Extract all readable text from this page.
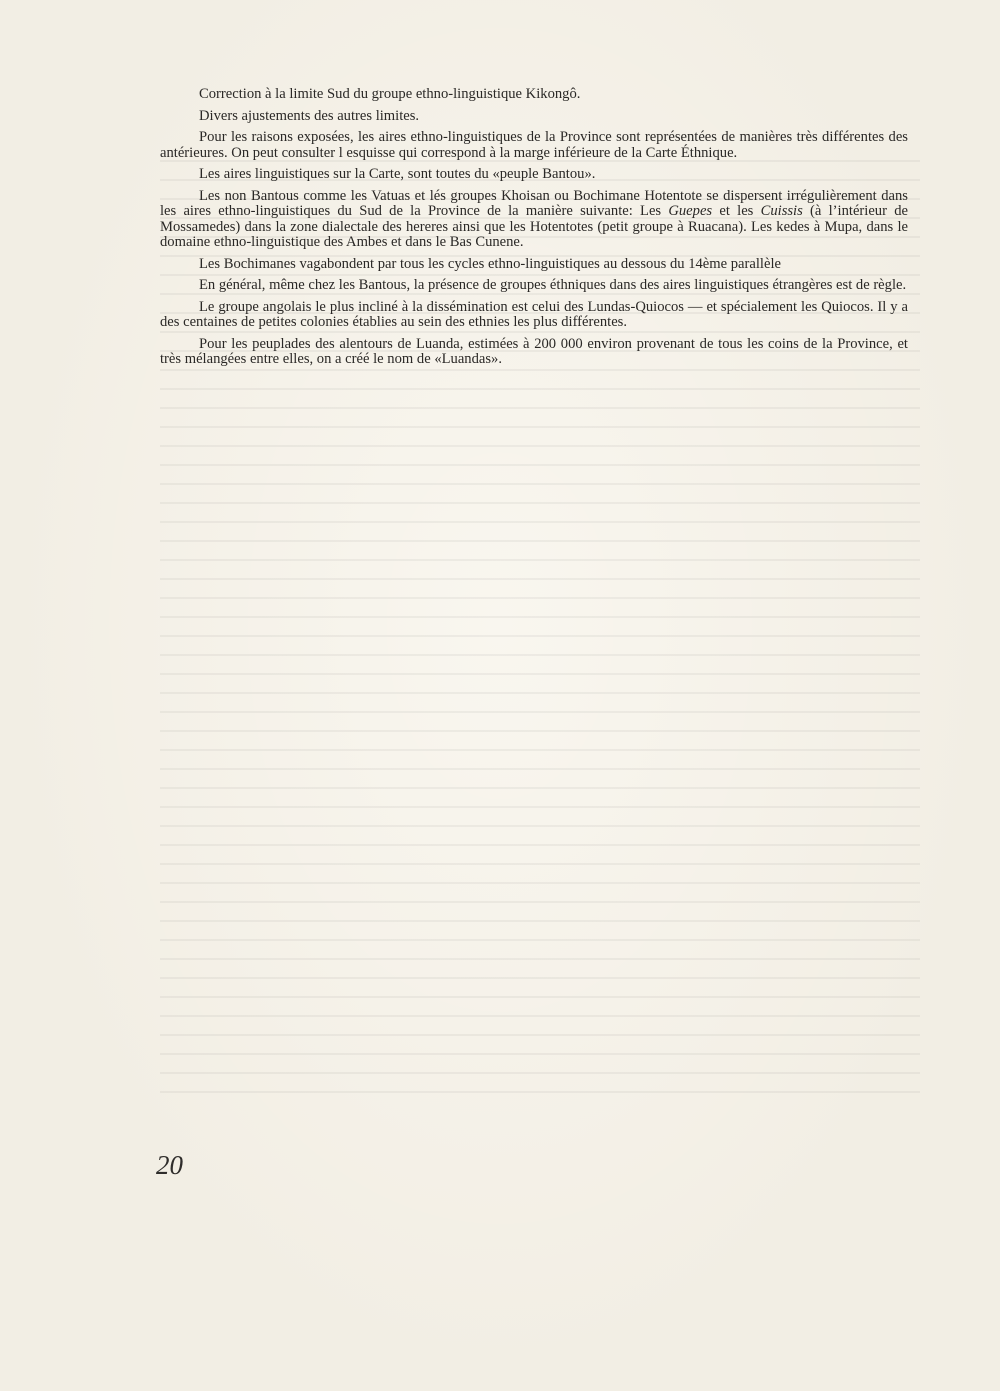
Correction à la limite Sud du groupe ethno-linguistique Kikongô.

Divers ajustements des autres limites.

Pour les raisons exposées, les aires ethno-linguistiques de la Province sont représentées de manières très différentes des antérieures. On peut consulter l esquisse qui correspond à la marge inférieure de la Carte Éthnique.

Les aires linguistiques sur la Carte, sont toutes du «peuple Bantou».

Les non Bantous comme les Vatuas et lés groupes Khoisan ou Bochimane Hotentote se dispersent irrégulièrement dans les aires ethno-linguistiques du Sud de la Province de la manière suivante: Les Guepes et les Cuissis (à l’intérieur de Mossamedes) dans la zone dialectale des hereres ainsi que les Hotentotes (petit groupe à Ruacana). Les kedes à Mupa, dans le domaine ethno-linguistique des Ambes et dans le Bas Cunene.

Les Bochimanes vagabondent par tous les cycles ethno-linguistiques au dessous du 14ème parallèle

En général, même chez les Bantous, la présence de groupes éthniques dans des aires linguistiques étrangères est de règle.

Le groupe angolais le plus incliné à la dissémination est celui des Lundas-Quiocos — et spécialement les Quiocos. Il y a des centaines de petites colonies établies au sein des ethnies les plus différentes.

Pour les peuplades des alentours de Luanda, estimées à 200 000 environ provenant de tous les coins de la Province, et très mélangées entre elles, on a créé le nom de «Luandas».

20
